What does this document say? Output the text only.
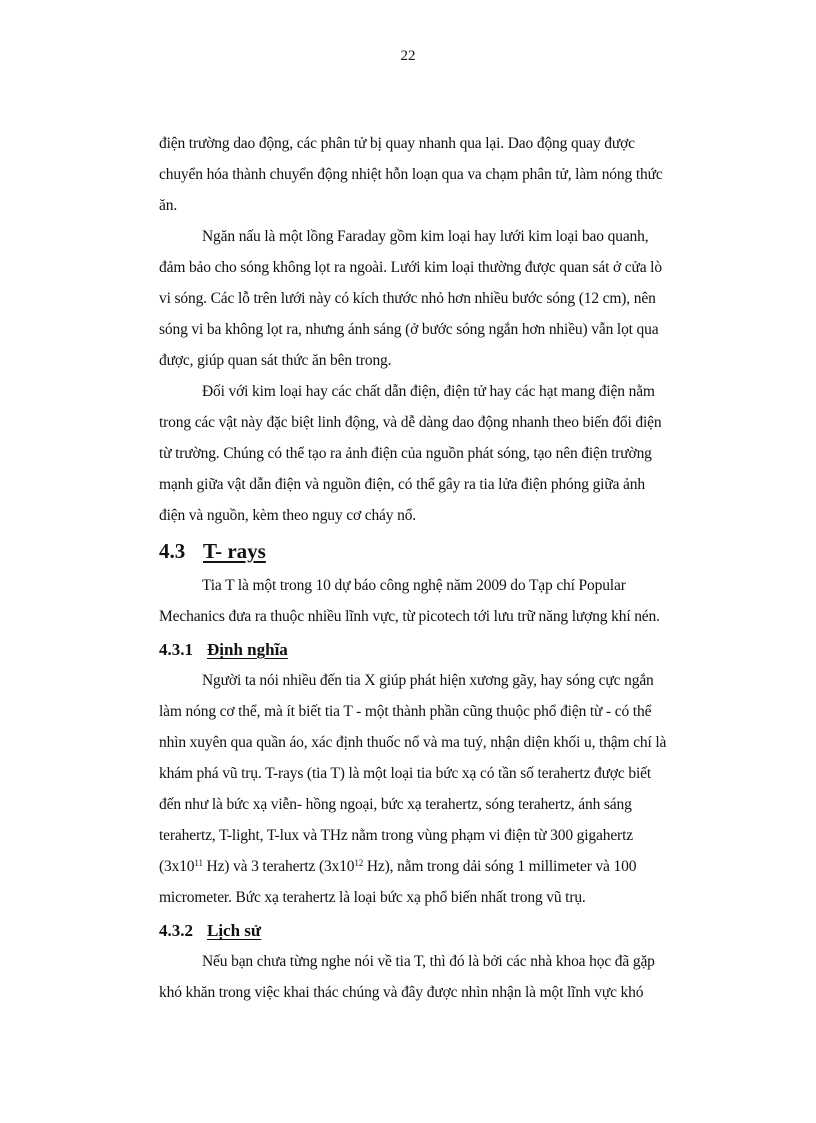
22

điện trường dao động, các phân tử bị quay nhanh qua lại. Dao động quay được
chuyển hóa thành chuyển động nhiệt hỗn loạn qua va chạm phân tử, làm nóng thức
ăn.

Ngăn nấu là một lồng Faraday gồm kim loại hay lưới kim loại bao quanh,
đảm bảo cho sóng không lọt ra ngoài. Lưới kim loại thường được quan sát ở cửa lò
vi sóng. Các lỗ trên lưới này có kích thước nhỏ hơn nhiều bước sóng (12 cm), nên
sóng vi ba không lọt ra, nhưng ánh sáng (ở bước sóng ngắn hơn nhiều) vẫn lọt qua
được, giúp quan sát thức ăn bên trong.

Đối với kim loại hay các chất dẫn điện, điện tử hay các hạt mang điện nằm
trong các vật này đặc biệt linh động, và dễ dàng dao động nhanh theo biến đổi điện
từ trường. Chúng có thể tạo ra ảnh điện của nguồn phát sóng, tạo nên điện trường
mạnh giữa vật dẫn điện và nguồn điện, có thể gây ra tia lửa điện phóng giữa ảnh
điện và nguồn, kèm theo nguy cơ cháy nổ.

4.3 T- rays

Tia T là một trong 10 dự báo công nghệ năm 2009 do Tạp chí Popular
Mechanics đưa ra thuộc nhiều lĩnh vực, từ picotech tới lưu trữ năng lượng khí nén.

4.3.1 Định nghĩa

Người ta nói nhiều đến tia X giúp phát hiện xương gãy, hay sóng cực ngắn
làm nóng cơ thể, mà ít biết tia T - một thành phần cũng thuộc phổ điện từ - có thể
nhìn xuyên qua quần áo, xác định thuốc nổ và ma tuý, nhận diện khối u, thậm chí là
khám phá vũ trụ. T-rays (tia T) là một loại tia bức xạ có tần số terahertz được biết
đến như là bức xạ viễn- hồng ngoại, bức xạ terahertz, sóng terahertz, ánh sáng
terahertz, T-light, T-lux và THz nằm trong vùng phạm vi điện từ 300 gigahertz
($3x10^{11}$ Hz) và 3 terahertz ($3x10^{12}$ Hz), nằm trong dải sóng 1 millimeter và 100
micrometer. Bức xạ terahertz là loại bức xạ phổ biến nhất trong vũ trụ.

4.3.2 Lịch sử

Nếu bạn chưa từng nghe nói về tia T, thì đó là bởi các nhà khoa học đã gặp
khó khăn trong việc khai thác chúng và đây được nhìn nhận là một lĩnh vực khó
